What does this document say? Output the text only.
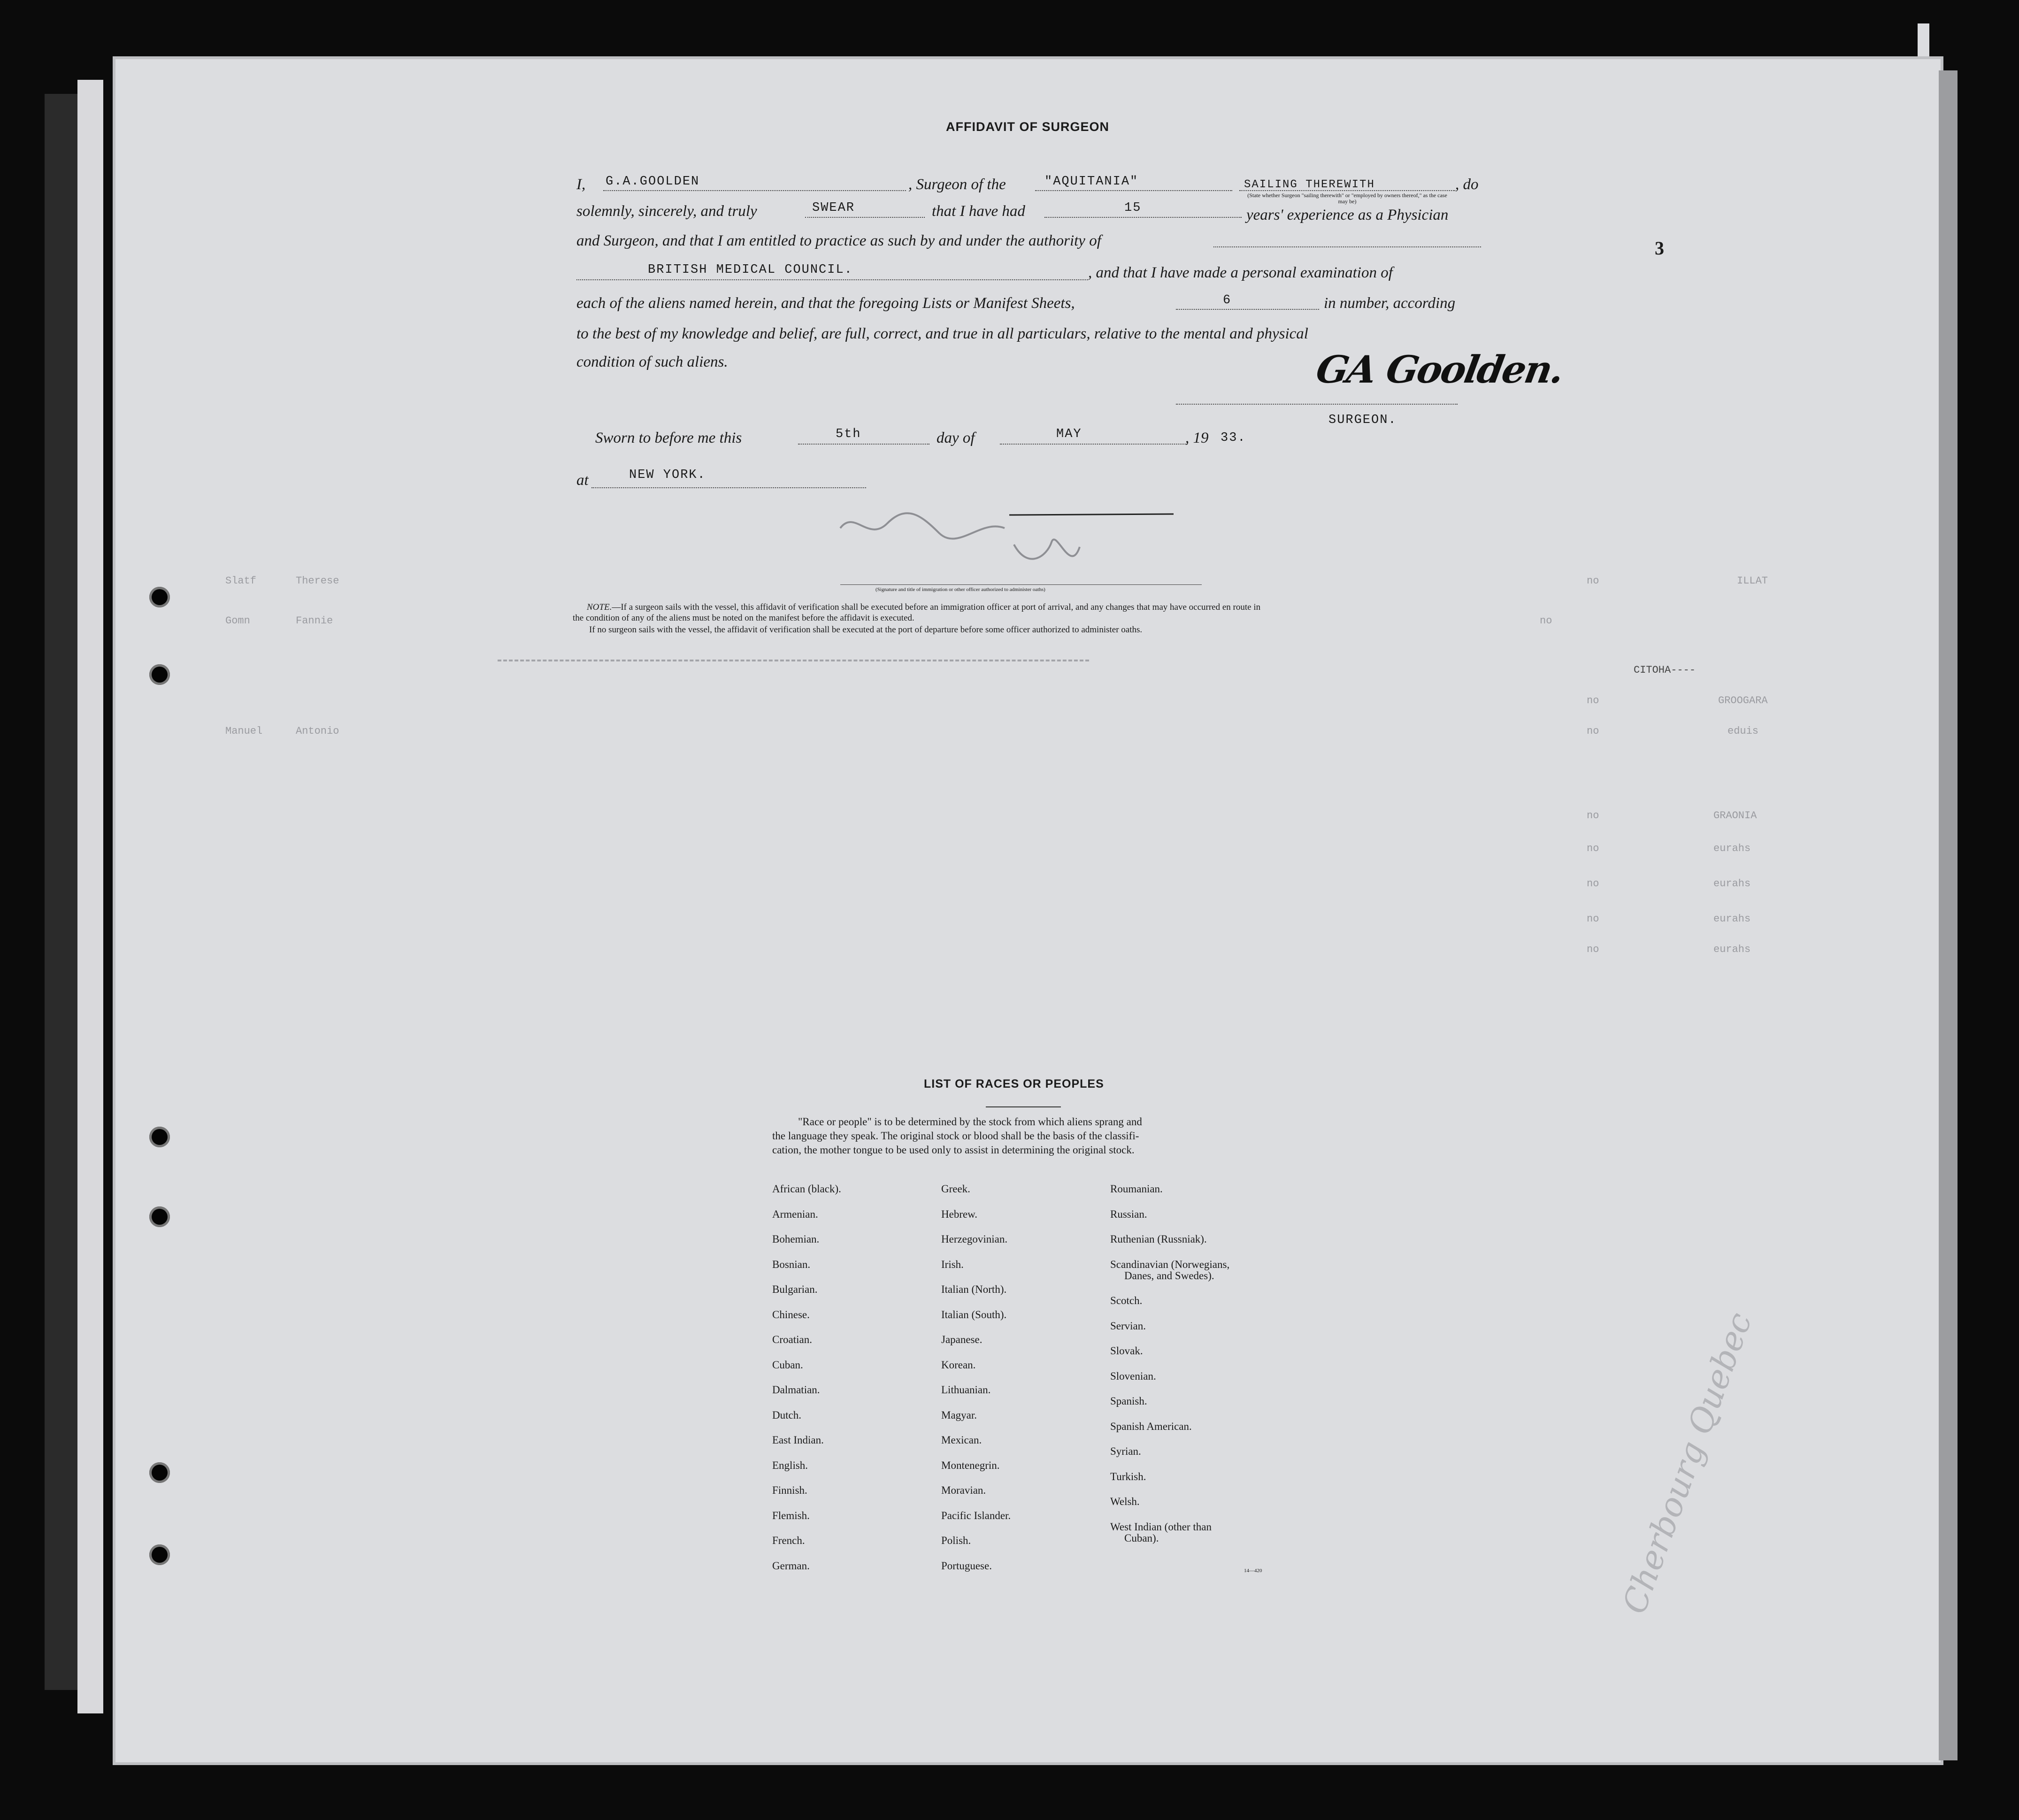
3
AFFIDAVIT OF SURGEON
I, G.A.GOOLDEN	, Surgeon of the	"AQUITANIA"	SAILING THEREWITH
(State whether Surgeon "sailing therewith" or "employed by owners thereof," as the case may be)
, do
solemnly, sincerely, and truly	SWEAR	that I have had	15	years' experience as a Physician
and Surgeon, and that I am entitled to practice as such by and under the authority of
BRITISH MEDICAL COUNCIL.	, and that I have made a personal examination of
each of the aliens named herein, and that the foregoing Lists or Manifest Sheets,	6	in number, according
to the best of my knowledge and belief, are full, correct, and true in all particulars, relative to the mental and physical
condition of such aliens.	GA Goolden.
SURGEON.
Sworn to before me this	5th	day of	MAY	, 19 33.
at	NEW YORK.
(Signature and title of immigration or other officer authorized to administer oaths)
NOTE.—If a surgeon sails with the vessel, this affidavit of verification shall be executed before an immigration officer at port of arrival, and any changes that may have occurred en route in
the condition of any of the aliens must be noted on the manifest before the affidavit is executed.
If no surgeon sails with the vessel, the affidavit of verification shall be executed at the port of departure before some officer authorized to administer oaths.
Slatf	Therese	no	ILLAT
Gomn	Fannie	no
CITOHA----
no	GROOGARA
Manuel	Antonio	no	eduis
no	GRAONIA
no	eurahs
no	eurahs
no	eurahs
no	eurahs
LIST OF RACES OR PEOPLES
"Race or people" is to be determined by the stock from which aliens sprang and
the language they speak. The original stock or blood shall be the basis of the classifi-
cation, the mother tongue to be used only to assist in determining the original stock.
African (black).
Armenian.
Bohemian.
Bosnian.
Bulgarian.
Chinese.
Croatian.
Cuban.
Dalmatian.
Dutch.
East Indian.
English.
Finnish.
Flemish.
French.
German.
Greek.
Hebrew.
Herzegovinian.
Irish.
Italian (North).
Italian (South).
Japanese.
Korean.
Lithuanian.
Magyar.
Mexican.
Montenegrin.
Moravian.
Pacific Islander.
Polish.
Portuguese.
Roumanian.
Russian.
Ruthenian (Russniak).
Scandinavian (Norwegians,
Danes, and Swedes).
Scotch.
Servian.
Slovak.
Slovenian.
Spanish.
Spanish American.
Syrian.
Turkish.
Welsh.
West Indian (other than
Cuban).
14—420	Cherbourg Quebec
